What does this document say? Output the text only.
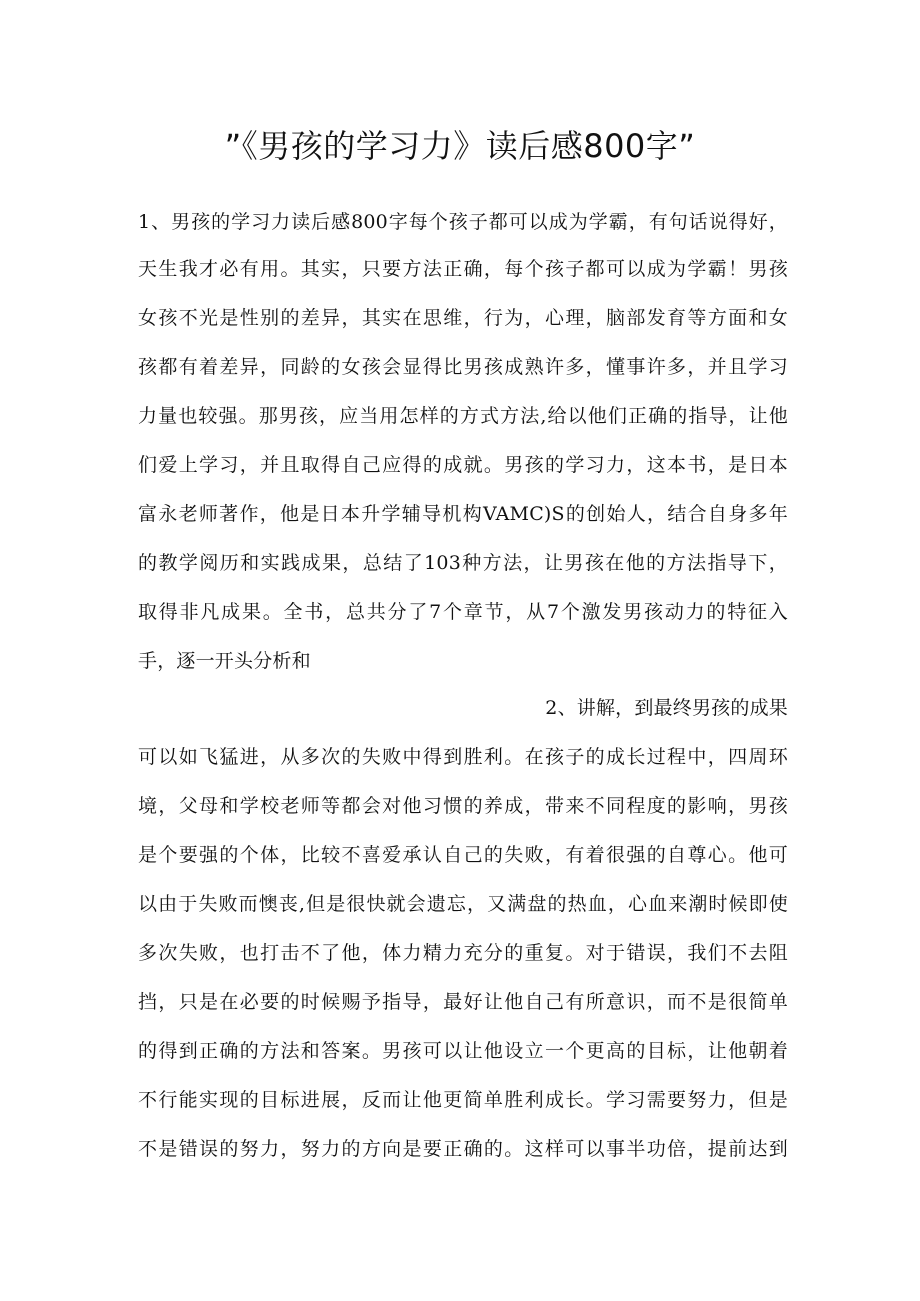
”《男孩的学习力》读后感800字”
1、男孩的学习力读后感800字每个孩子都可以成为学霸，有句话说得好，
天生我才必有用。其实，只要方法正确，每个孩子都可以成为学霸！男孩
女孩不光是性别的差异，其实在思维，行为，心理，脑部发育等方面和女
孩都有着差异，同龄的女孩会显得比男孩成熟许多，懂事许多，并且学习
力量也较强。那男孩，应当用怎样的方式方法,给以他们正确的指导，让他
们爱上学习，并且取得自己应得的成就。男孩的学习力，这本书，是日本
富永老师著作，他是日本升学辅导机构VAMC)S的创始人，结合自身多年
的教学阅历和实践成果，总结了103种方法，让男孩在他的方法指导下，
取得非凡成果。全书，总共分了7个章节，从7个激发男孩动力的特征入
手，逐一开头分析和
2、讲解，到最终男孩的成果
可以如飞猛进，从多次的失败中得到胜利。在孩子的成长过程中，四周环
境，父母和学校老师等都会对他习惯的养成，带来不同程度的影响，男孩
是个要强的个体，比较不喜爱承认自己的失败，有着很强的自尊心。他可
以由于失败而懊丧,但是很快就会遗忘，又满盘的热血，心血来潮时候即使
多次失败，也打击不了他，体力精力充分的重复。对于错误，我们不去阻
挡，只是在必要的时候赐予指导，最好让他自己有所意识，而不是很简单
的得到正确的方法和答案。男孩可以让他设立一个更高的目标，让他朝着
不行能实现的目标进展，反而让他更简单胜利成长。学习需要努力，但是
不是错误的努力，努力的方向是要正确的。这样可以事半功倍，提前达到
